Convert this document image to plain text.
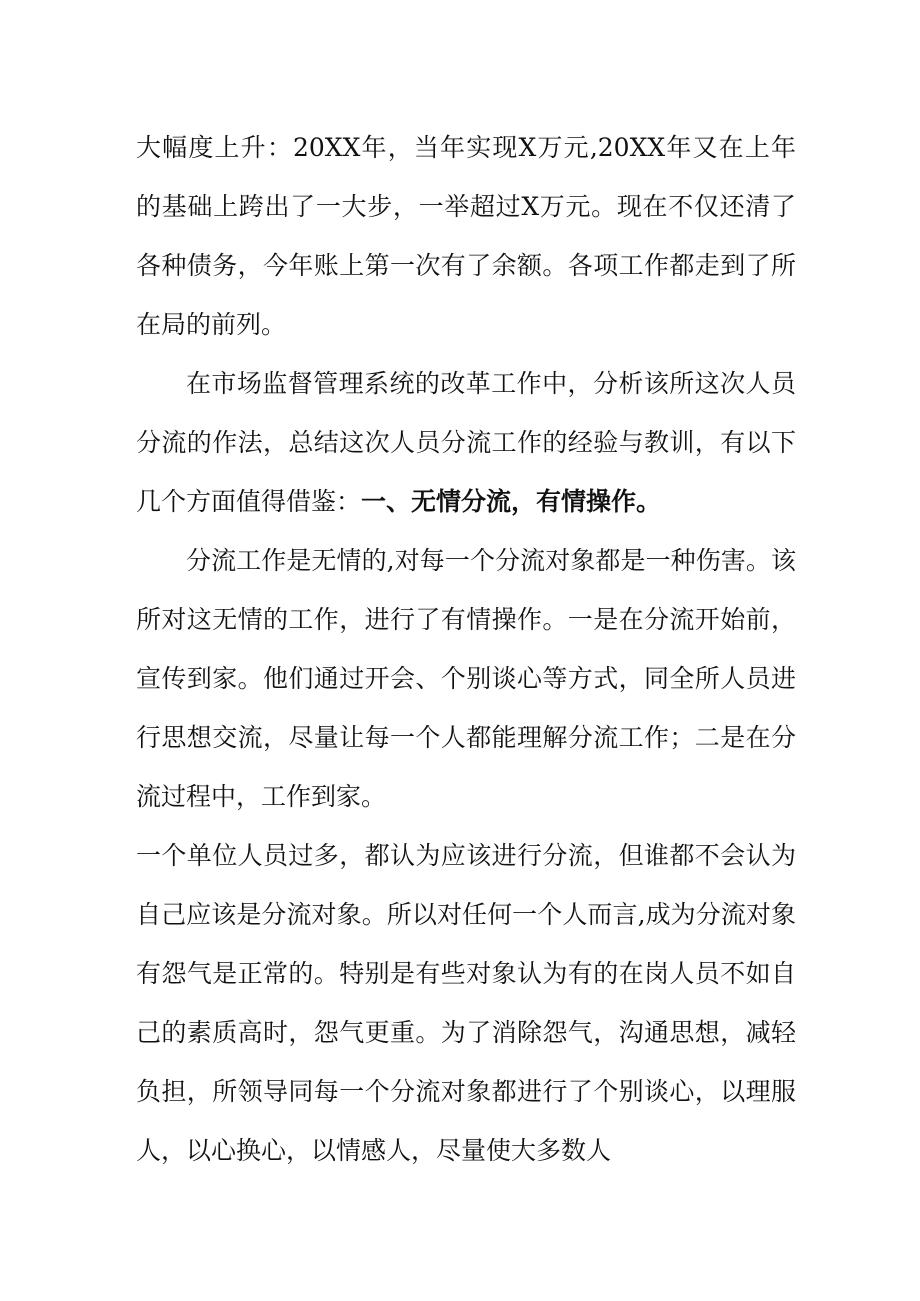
大幅度上升：20XX年，当年实现X万元,20XX年又在上年的基础上跨出了一大步，一举超过X万元。现在不仅还清了各种债务，今年账上第一次有了余额。各项工作都走到了所在局的前列。

在市场监督管理系统的改革工作中，分析该所这次人员分流的作法，总结这次人员分流工作的经验与教训，有以下几个方面值得借鉴：一、无情分流，有情操作。

分流工作是无情的,对每一个分流对象都是一种伤害。该所对这无情的工作，进行了有情操作。一是在分流开始前，宣传到家。他们通过开会、个别谈心等方式，同全所人员进行思想交流，尽量让每一个人都能理解分流工作；二是在分流过程中，工作到家。

一个单位人员过多，都认为应该进行分流，但谁都不会认为自己应该是分流对象。所以对任何一个人而言,成为分流对象有怨气是正常的。特别是有些对象认为有的在岗人员不如自己的素质高时，怨气更重。为了消除怨气，沟通思想，减轻负担，所领导同每一个分流对象都进行了个别谈心，以理服人，以心换心，以情感人，尽量使大多数人
